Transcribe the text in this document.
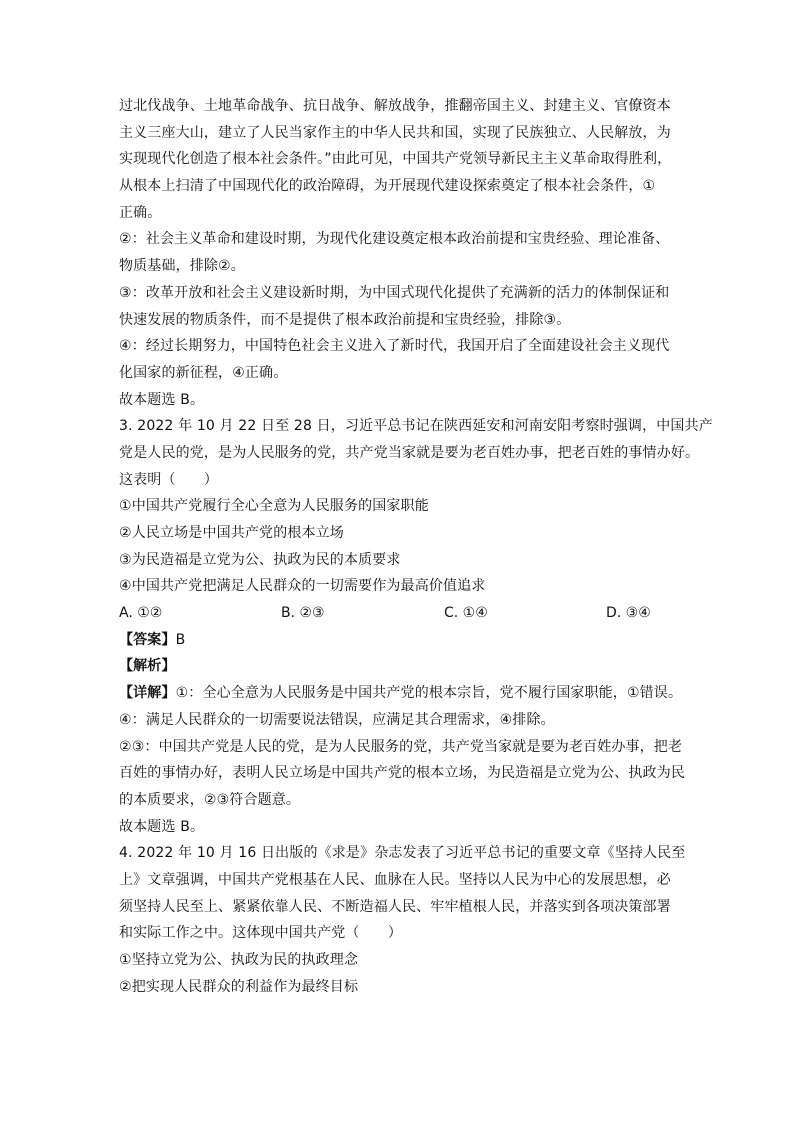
过北伐战争、土地革命战争、抗日战争、解放战争，推翻帝国主义、封建主义、官僚资本
主义三座大山，建立了人民当家作主的中华人民共和国，实现了民族独立、人民解放，为
实现现代化创造了根本社会条件。”由此可见，中国共产党领导新民主主义革命取得胜利，
从根本上扫清了中国现代化的政治障碍，为开展现代建设探索奠定了根本社会条件，①
正确。
②：社会主义革命和建设时期，为现代化建设奠定根本政治前提和宝贵经验、理论准备、
物质基础，排除②。
③：改革开放和社会主义建设新时期，为中国式现代化提供了充满新的活力的体制保证和
快速发展的物质条件，而不是提供了根本政治前提和宝贵经验，排除③。
④：经过长期努力，中国特色社会主义进入了新时代，我国开启了全面建设社会主义现代
化国家的新征程，④正确。
故本题选 B。
3. 2022 年 10 月 22 日至 28 日，习近平总书记在陕西延安和河南安阳考察时强调，中国共产
党是人民的党，是为人民服务的党，共产党当家就是要为老百姓办事，把老百姓的事情办好。
这表明（　　）
①中国共产党履行全心全意为人民服务的国家职能
②人民立场是中国共产党的根本立场
③为民造福是立党为公、执政为民的本质要求
④中国共产党把满足人民群众的一切需要作为最高价值追求
A. ①②	B. ②③	C. ①④	D. ③④
【答案】B
【解析】
【详解】①：全心全意为人民服务是中国共产党的根本宗旨，党不履行国家职能，①错误。
④：满足人民群众的一切需要说法错误，应满足其合理需求，④排除。
②③：中国共产党是人民的党，是为人民服务的党，共产党当家就是要为老百姓办事，把老
百姓的事情办好，表明人民立场是中国共产党的根本立场，为民造福是立党为公、执政为民
的本质要求，②③符合题意。
故本题选 B。
4. 2022 年 10 月 16 日出版的《求是》杂志发表了习近平总书记的重要文章《坚持人民至
上》文章强调，中国共产党根基在人民、血脉在人民。坚持以人民为中心的发展思想，必
须坚持人民至上、紧紧依靠人民、不断造福人民、牢牢植根人民，并落实到各项决策部署
和实际工作之中。这体现中国共产党（　　）
①坚持立党为公、执政为民的执政理念
②把实现人民群众的利益作为最终目标
